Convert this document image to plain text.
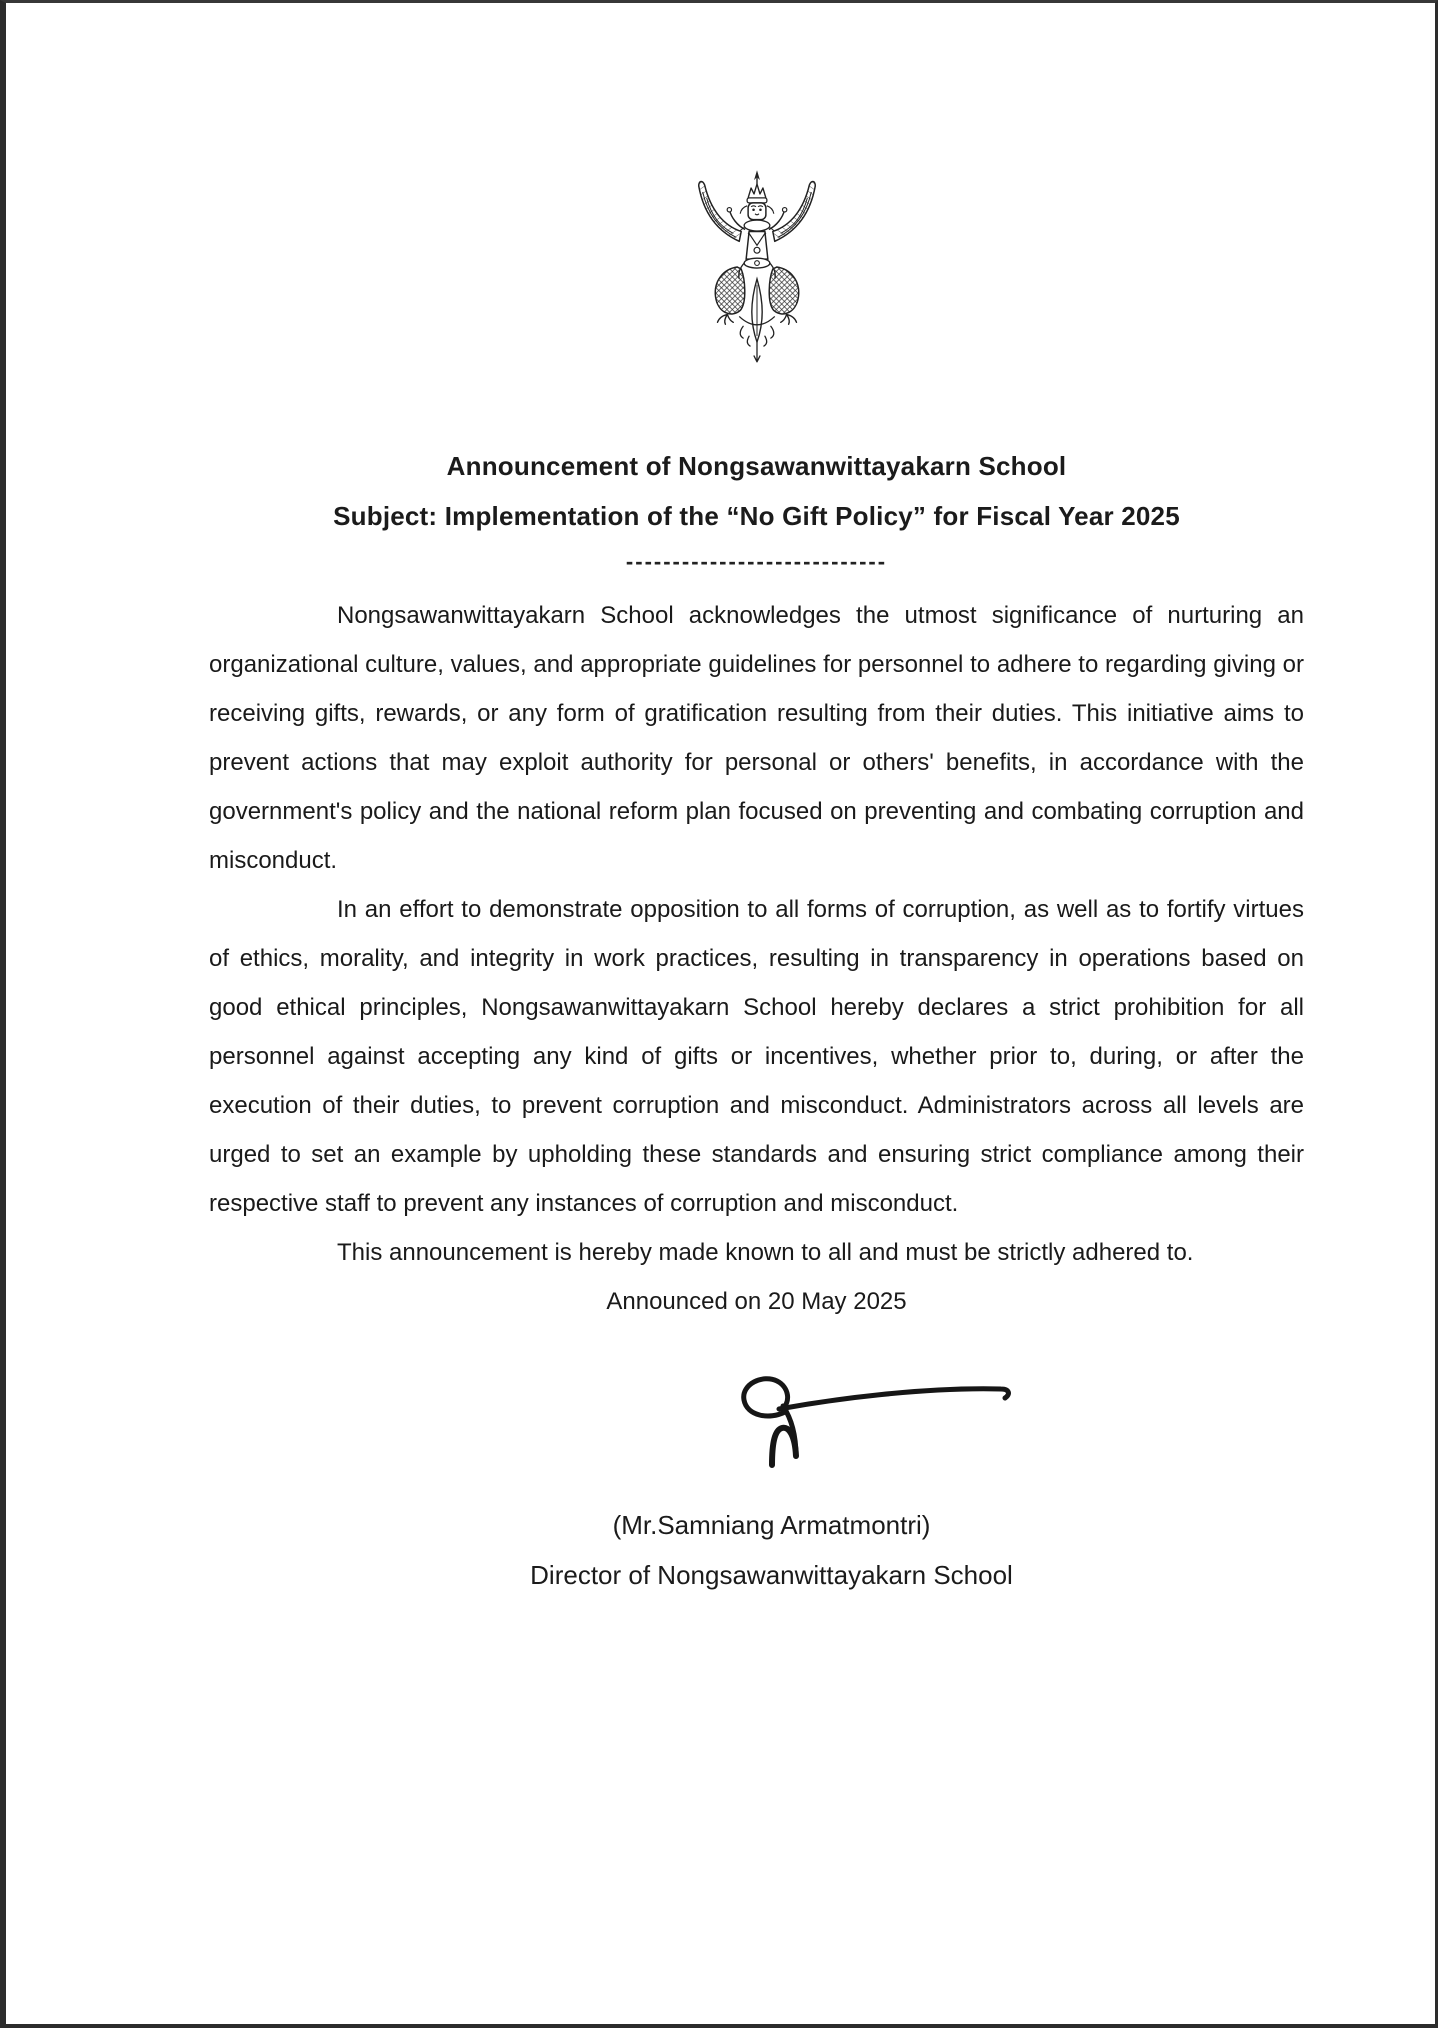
Announcement of Nongsawanwittayakarn School
Subject: Implementation of the “No Gift Policy” for Fiscal Year 2025
----------------------------

Nongsawanwittayakarn School acknowledges the utmost significance of nurturing an organizational culture, values, and appropriate guidelines for personnel to adhere to regarding giving or receiving gifts, rewards, or any form of gratification resulting from their duties. This initiative aims to prevent actions that may exploit authority for personal or others' benefits, in accordance with the government's policy and the national reform plan focused on preventing and combating corruption and misconduct.

In an effort to demonstrate opposition to all forms of corruption, as well as to fortify virtues of ethics, morality, and integrity in work practices, resulting in transparency in operations based on good ethical principles, Nongsawanwittayakarn School hereby declares a strict prohibition for all personnel against accepting any kind of gifts or incentives, whether prior to, during, or after the execution of their duties, to prevent corruption and misconduct. Administrators across all levels are urged to set an example by upholding these standards and ensuring strict compliance among their respective staff to prevent any instances of corruption and misconduct.

This announcement is hereby made known to all and must be strictly adhered to.

Announced on 20 May 2025
(Mr.Samniang Armatmontri)
Director of Nongsawanwittayakarn School
